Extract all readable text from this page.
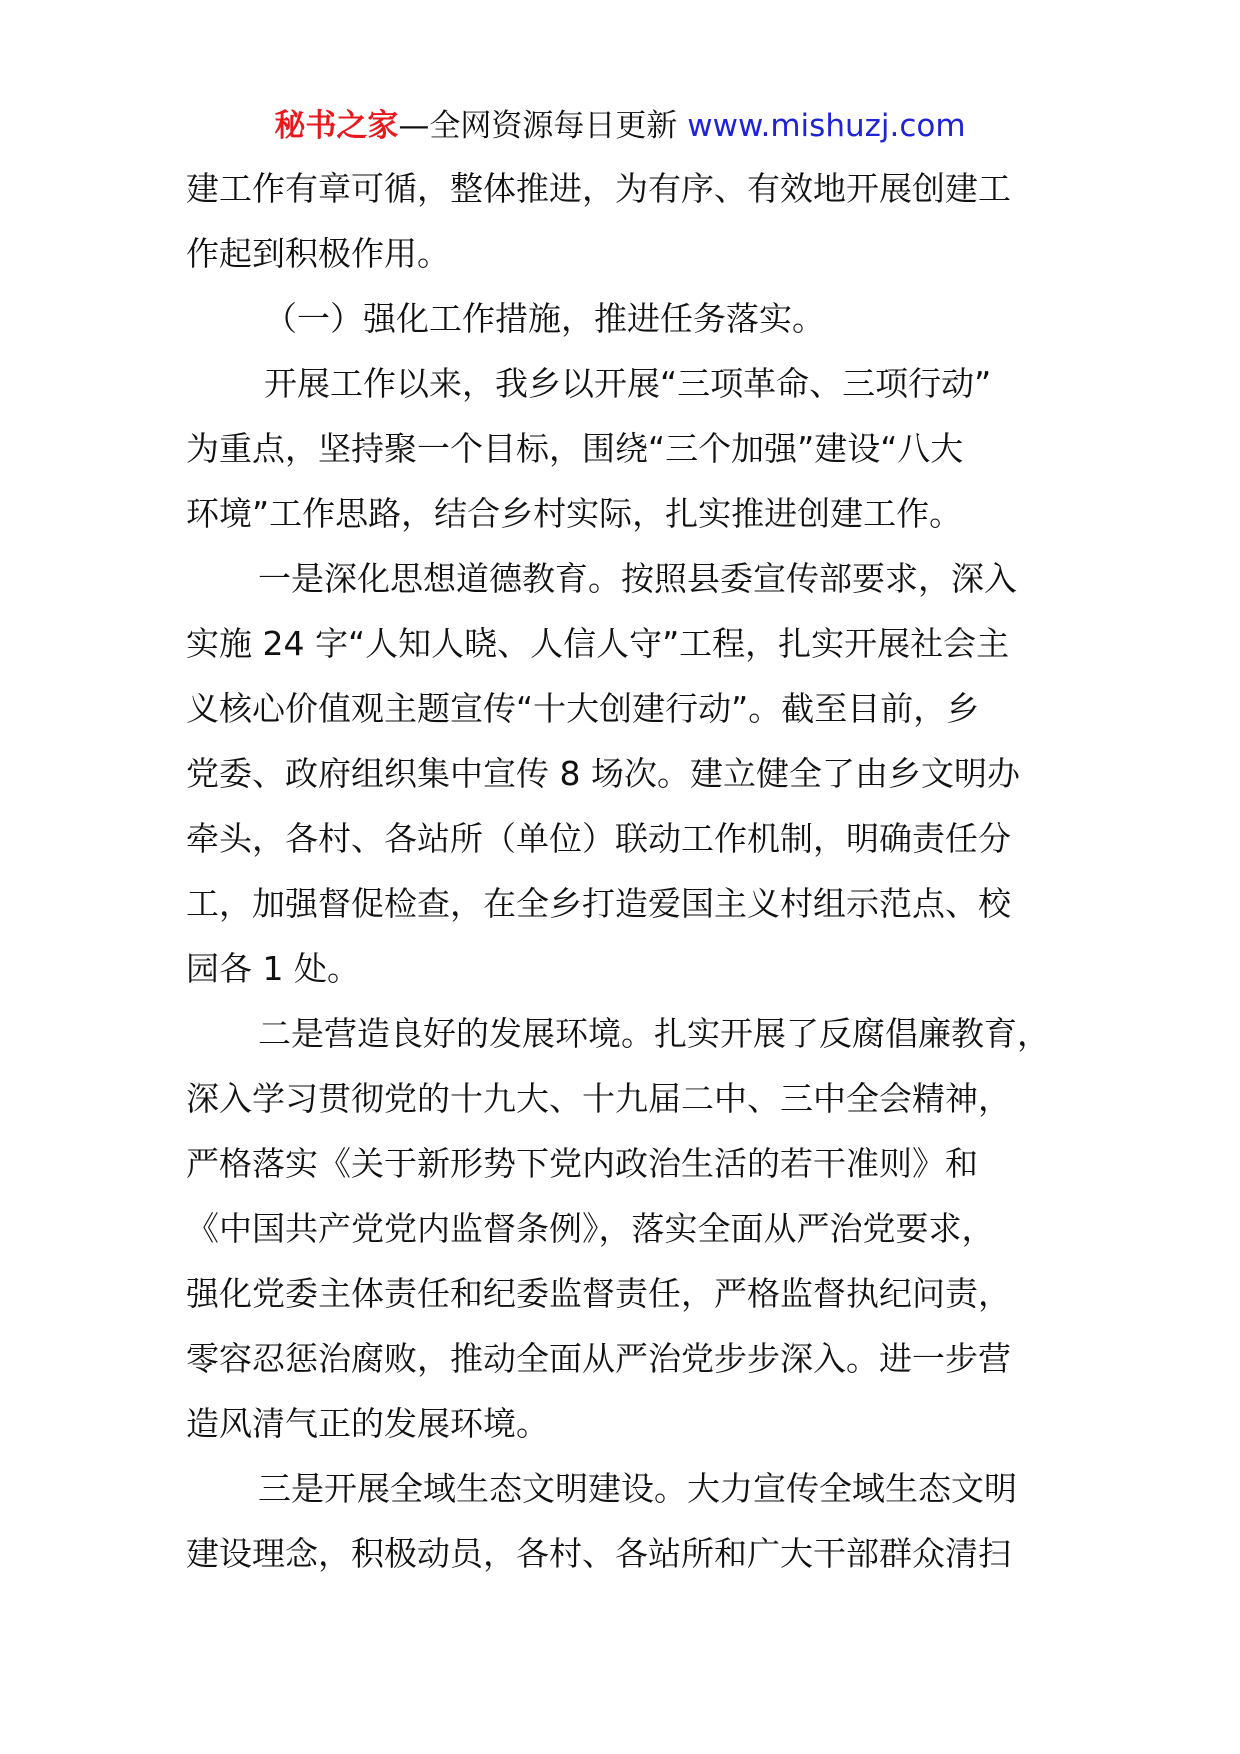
秘书之家—全网资源每日更新 www.mishuzj.com
建工作有章可循，整体推进，为有序、有效地开展创建工
作起到积极作用。
（一）强化工作措施，推进任务落实。
开展工作以来，我乡以开展“三项革命、三项行动”
为重点，坚持聚一个目标，围绕“三个加强”建设“八大
环境”工作思路，结合乡村实际，扎实推进创建工作。
一是深化思想道德教育。按照县委宣传部要求，深入
实施 24 字“人知人晓、人信人守”工程，扎实开展社会主
义核心价值观主题宣传“十大创建行动”。截至目前，乡
党委、政府组织集中宣传 8 场次。建立健全了由乡文明办
牵头，各村、各站所（单位）联动工作机制，明确责任分
工，加强督促检查，在全乡打造爱国主义村组示范点、校
园各 1 处。
二是营造良好的发展环境。扎实开展了反腐倡廉教育，
深入学习贯彻党的十九大、十九届二中、三中全会精神，
严格落实《关于新形势下党内政治生活的若干准则》和
《中国共产党党内监督条例》，落实全面从严治党要求，
强化党委主体责任和纪委监督责任，严格监督执纪问责，
零容忍惩治腐败，推动全面从严治党步步深入。进一步营
造风清气正的发展环境。
三是开展全域生态文明建设。大力宣传全域生态文明
建设理念，积极动员，各村、各站所和广大干部群众清扫
